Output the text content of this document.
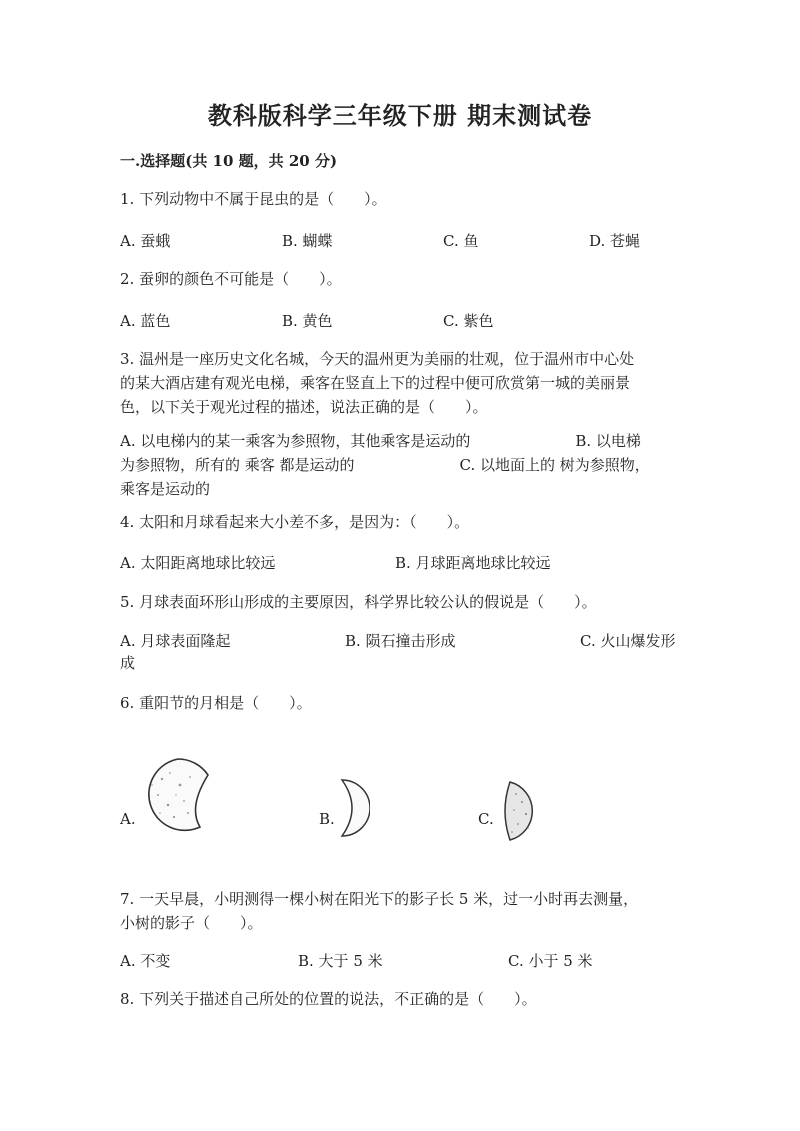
教科版科学三年级下册 期末测试卷
一.选择题(共 10 题，共 20 分)
1. 下列动物中不属于昆虫的是（　　）。
A. 蚕蛾	B. 蝴蝶	C. 鱼	D. 苍蝇
2. 蚕卵的颜色不可能是（　　）。
A. 蓝色	B. 黄色	C. 紫色
3. 温州是一座历史文化名城，今天的温州更为美丽的壮观，位于温州市中心处
的某大酒店建有观光电梯，乘客在竖直上下的过程中便可欣赏第一城的美丽景
色，以下关于观光过程的描述，说法正确的是（　　）。
A. 以电梯内的某一乘客为参照物，其他乘客是运动的　　　　　　　B. 以电梯
为参照物，所有的 乘客 都是运动的　　　　　　　C. 以地面上的 树为参照物，
乘客是运动的
4. 太阳和月球看起来大小差不多，是因为：（　　）。
A. 太阳距离地球比较远	B. 月球距离地球比较远
5. 月球表面环形山形成的主要原因，科学界比较公认的假说是（　　）。
A. 月球表面隆起	B. 陨石撞击形成	C. 火山爆发形
成
6. 重阳节的月相是（　　）。
A.	B.	C.
7. 一天早晨，小明测得一棵小树在阳光下的影子长 5 米，过一小时再去测量，
小树的影子（　　）。
A. 不变	B. 大于 5 米	C. 小于 5 米
8. 下列关于描述自己所处的位置的说法，不正确的是（　　）。
